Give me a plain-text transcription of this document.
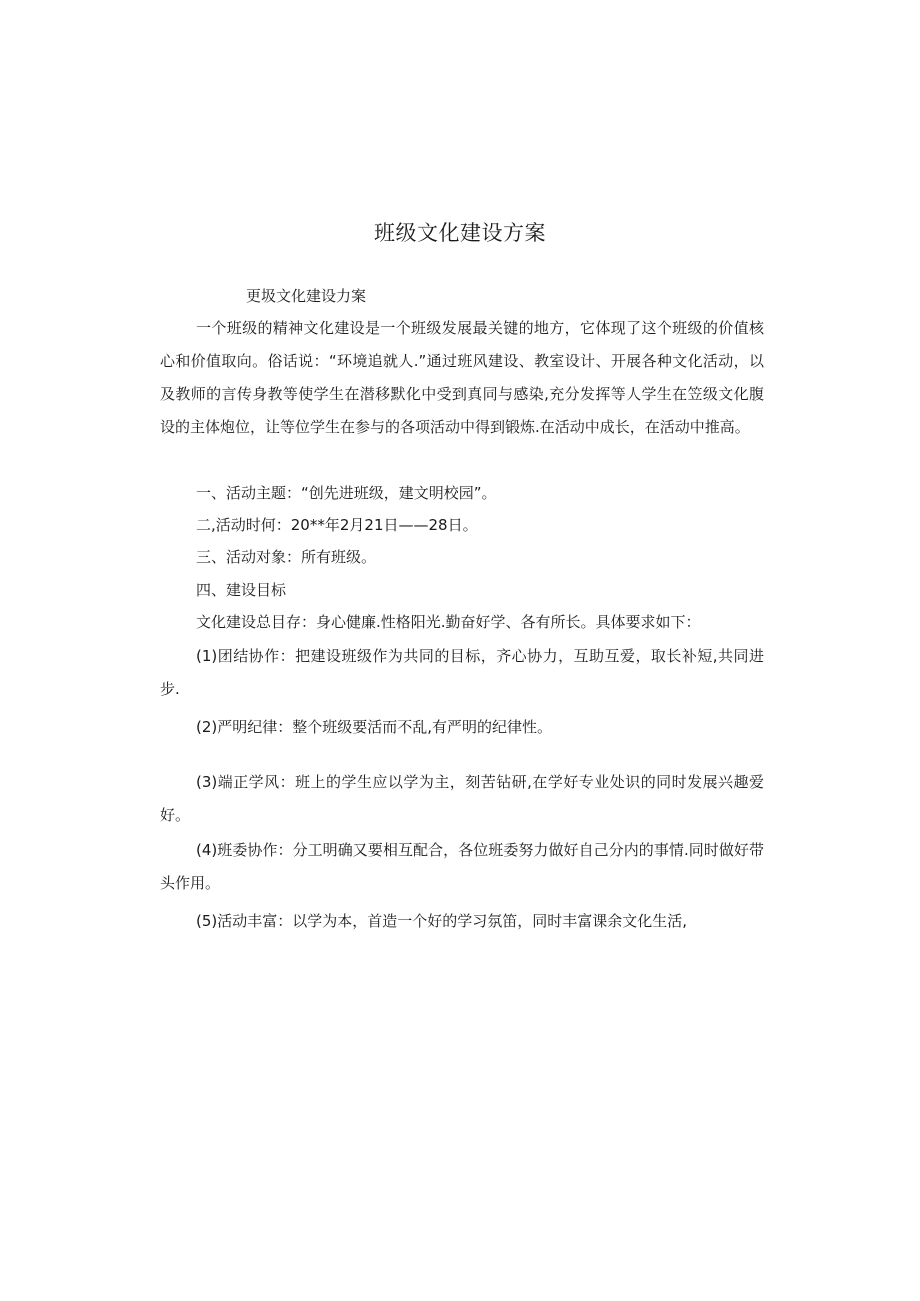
班级文化建设方案
更圾文化建设力案

一个班级的精神文化建设是一个班级发展最关键的地方，它体现了这个班级的价值核心和价值取向。俗话说：“环境追就人.”通过班风建设、教室设计、开展各种文化活动，以及教师的言传身教等使学生在潜移默化中受到真同与感染,充分发挥等人学生在笠级文化腹设的主体炮位，让等位学生在参与的各项活动中得到锻炼.在活动中成长，在活动中推高。

一、活动主题：“创先进班级，建文明校园”。

二,活动时何：20**年2月21日——28日。

三、活动对象：所有班级。

四、建设目标

文化建设总目存：身心健廉.性格阳光.勤奋好学、各有所长。具体要求如下：

(1)团结协作：把建设班级作为共同的目标，齐心协力，互助互爱，取长补短,共同进步.

(2)严明纪律：整个班级要活而不乱,有严明的纪律性。

(3)端正学风：班上的学生应以学为主，刻苦钻研,在学好专业处识的同时发展兴趣爱好。

(4)班委协作：分工明确又要相互配合，各位班委努力做好自己分内的事情.同时做好带头作用。

(5)活动丰富：以学为本，首造一个好的学习氛笛，同时丰富课余文化生活,
